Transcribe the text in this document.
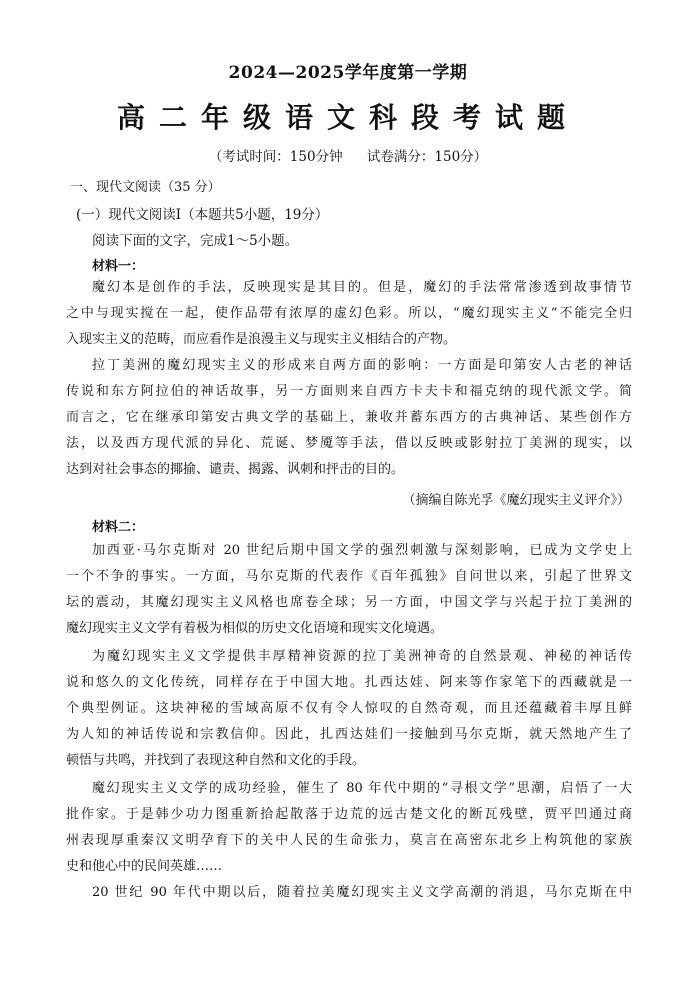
2024—2025学年度第一学期
高二年级语文科段考试题
（考试时间：150分钟 试卷满分：150分）
一、现代文阅读（35 分）
(一）现代文阅读Ⅰ（本题共5小题，19分）
阅读下面的文字，完成1～5小题。
材料一：
魔幻本是创作的手法，反映现实是其目的。但是，魔幻的手法常常渗透到故事情节
之中与现实搅在一起，使作品带有浓厚的虚幻色彩。所以，“魔幻现实主义”不能完全归
入现实主义的范畴，而应看作是浪漫主义与现实主义相结合的产物。
拉丁美洲的魔幻现实主义的形成来自两方面的影响：一方面是印第安人古老的神话
传说和东方阿拉伯的神话故事，另一方面则来自西方卡夫卡和福克纳的现代派文学。简
而言之，它在继承印第安古典文学的基础上，兼收并蓄东西方的古典神话、某些创作方
法，以及西方现代派的异化、荒诞、梦魇等手法，借以反映或影射拉丁美洲的现实，以
达到对社会事态的揶揄、谴责、揭露、讽刺和抨击的目的。
（摘编自陈光孚《魔幻现实主义评介》）
材料二：
加西亚·马尔克斯对 20 世纪后期中国文学的强烈刺激与深刻影响，已成为文学史上
一个不争的事实。一方面，马尔克斯的代表作《百年孤独》自问世以来，引起了世界文
坛的震动，其魔幻现实主义风格也席卷全球；另一方面，中国文学与兴起于拉丁美洲的
魔幻现实主义文学有着极为相似的历史文化语境和现实文化境遇。
为魔幻现实主义文学提供丰厚精神资源的拉丁美洲神奇的自然景观、神秘的神话传
说和悠久的文化传统，同样存在于中国大地。扎西达娃、阿来等作家笔下的西藏就是一
个典型例证。这块神秘的雪域高原不仅有令人惊叹的自然奇观，而且还蕴藏着丰厚且鲜
为人知的神话传说和宗教信仰。因此，扎西达娃们一接触到马尔克斯，就天然地产生了
顿悟与共鸣，并找到了表现这种自然和文化的手段。
魔幻现实主义文学的成功经验，催生了 80 年代中期的“寻根文学”思潮，启悟了一大
批作家。于是韩少功力图重新拾起散落于边荒的远古楚文化的断瓦残壁，贾平凹通过商
州表现厚重秦汉文明孕育下的关中人民的生命张力，莫言在高密东北乡上构筑他的家族
史和他心中的民间英雄……
20 世纪 90 年代中期以后，随着拉美魔幻现实主义文学高潮的消退，马尔克斯在中
